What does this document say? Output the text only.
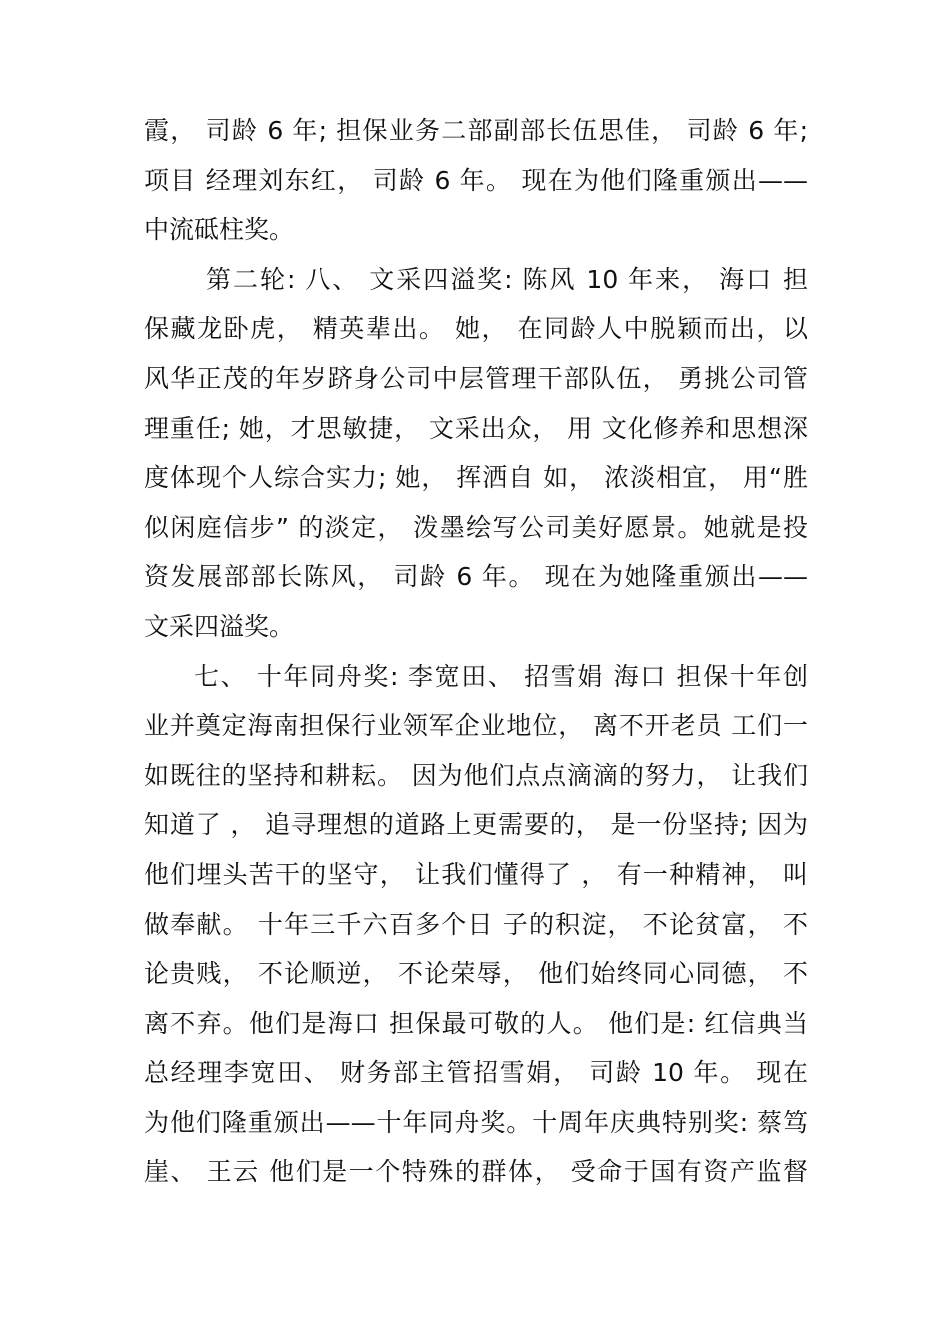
霞， 司龄 6 年; 担保业务二部副部长伍思佳， 司龄 6 年;
项目 经理刘东红， 司龄 6 年。 现在为他们隆重颁出——
中流砥柱奖。
第二轮: 八、 文采四溢奖: 陈风 10 年来， 海口 担
保藏龙卧虎， 精英辈出。 她， 在同龄人中脱颖而出，以
风华正茂的年岁跻身公司中层管理干部队伍， 勇挑公司管
理重任; 她，才思敏捷， 文采出众， 用 文化修养和思想深
度体现个人综合实力; 她， 挥洒自 如， 浓淡相宜， 用“胜
似闲庭信步” 的淡定， 泼墨绘写公司美好愿景。她就是投
资发展部部长陈风， 司龄 6 年。 现在为她隆重颁出——
文采四溢奖。
七、 十年同舟奖: 李宽田、 招雪娟 海口 担保十年创
业并奠定海南担保行业领军企业地位， 离不开老员 工们一
如既往的坚持和耕耘。 因为他们点点滴滴的努力， 让我们
知道了 ， 追寻理想的道路上更需要的， 是一份坚持; 因为
他们埋头苦干的坚守， 让我们懂得了 ， 有一种精神， 叫
做奉献。 十年三千六百多个日 子的积淀， 不论贫富， 不
论贵贱， 不论顺逆， 不论荣辱， 他们始终同心同德， 不
离不弃。他们是海口 担保最可敬的人。 他们是: 红信典当
总经理李宽田、 财务部主管招雪娟， 司龄 10 年。 现在
为他们隆重颁出——十年同舟奖。十周年庆典特别奖: 蔡笃
崖、 王云 他们是一个特殊的群体， 受命于国有资产监督
